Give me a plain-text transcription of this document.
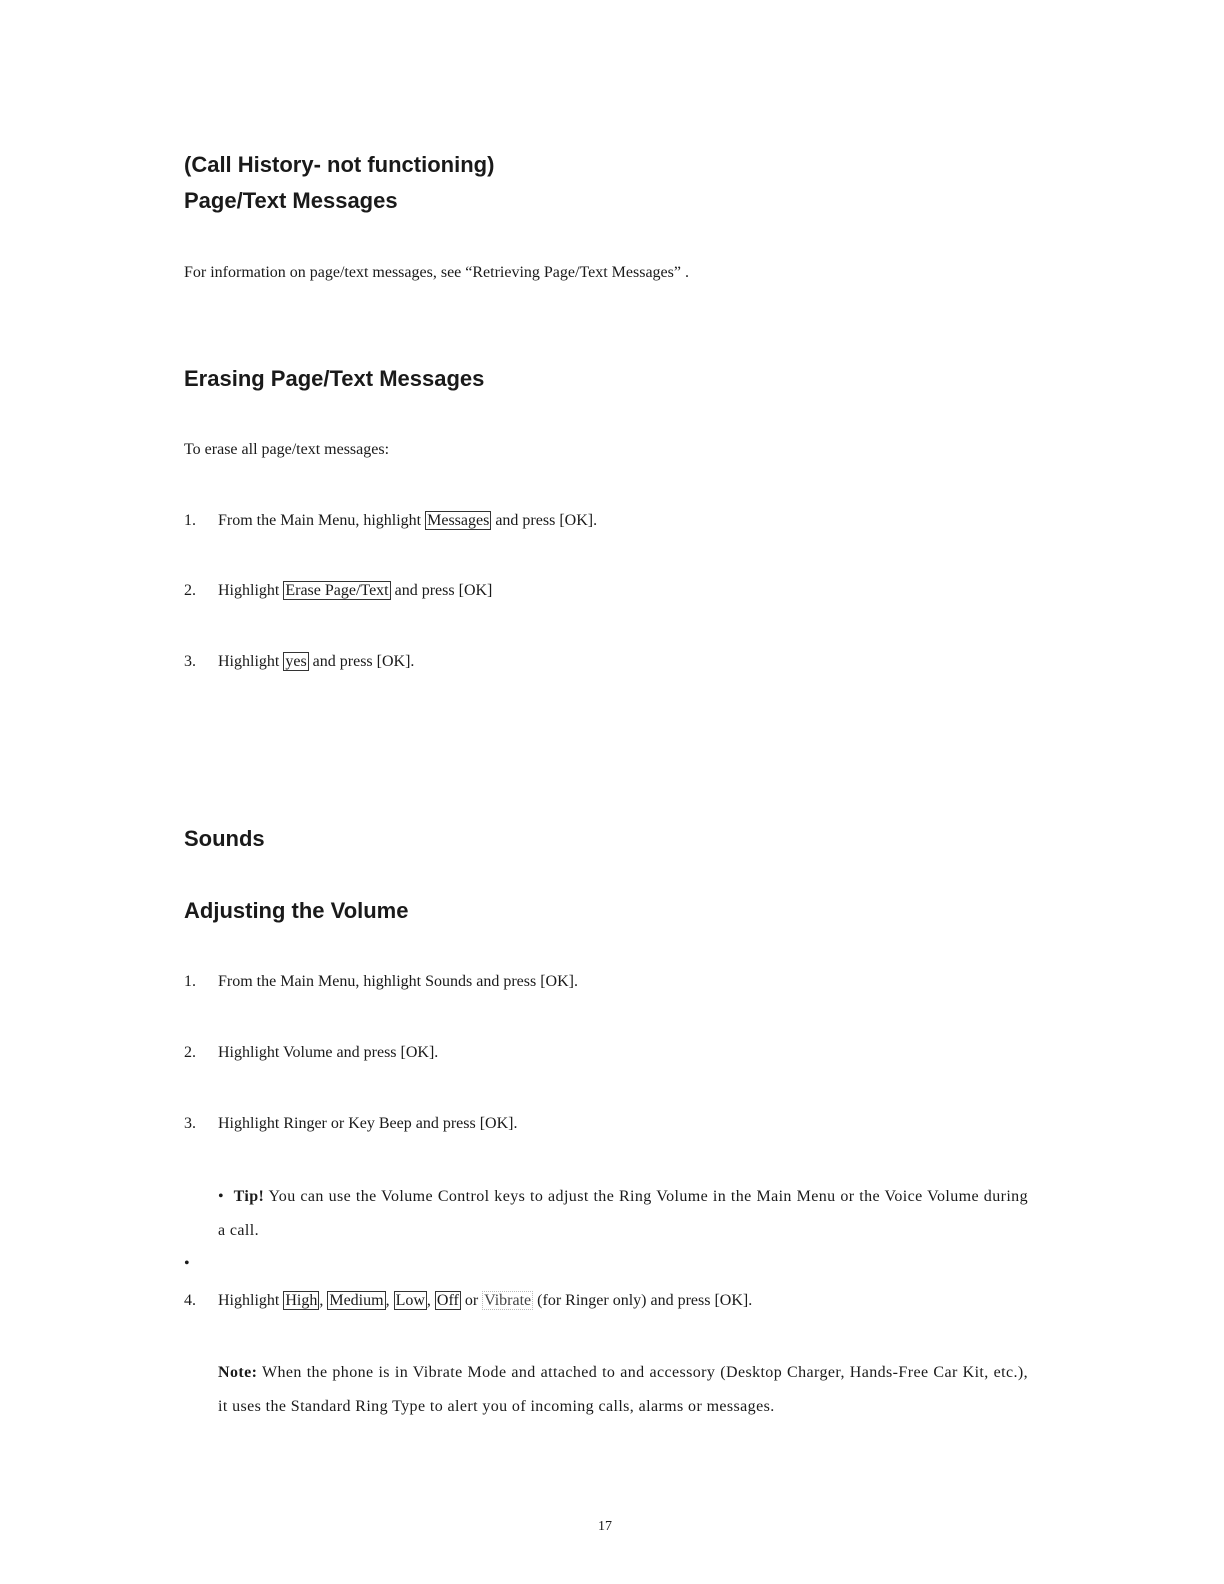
(Call History- not functioning)
Page/Text Messages

For information on page/text messages, see “Retrieving Page/Text Messages” .

Erasing Page/Text Messages

To erase all page/text messages:

1. From the Main Menu, highlight Messages and press [OK].
2. Highlight Erase Page/Text and press [OK]
3. Highlight yes and press [OK].
Sounds
Adjusting the Volume
1. From the Main Menu, highlight Sounds and press [OK].
2. Highlight Volume and press [OK].
3. Highlight Ringer or Key Beep and press [OK].
• Tip! You can use the Volume Control keys to adjust the Ring Volume in the Main Menu or the Voice Volume during a call.
•
4. Highlight High , Medium , Low , Off or Vibrate (for Ringer only) and press [OK].
Note: When the phone is in Vibrate Mode and attached to and accessory (Desktop Charger, Hands-Free Car Kit, etc.), it uses the Standard Ring Type to alert you of incoming calls, alarms or messages.
17
